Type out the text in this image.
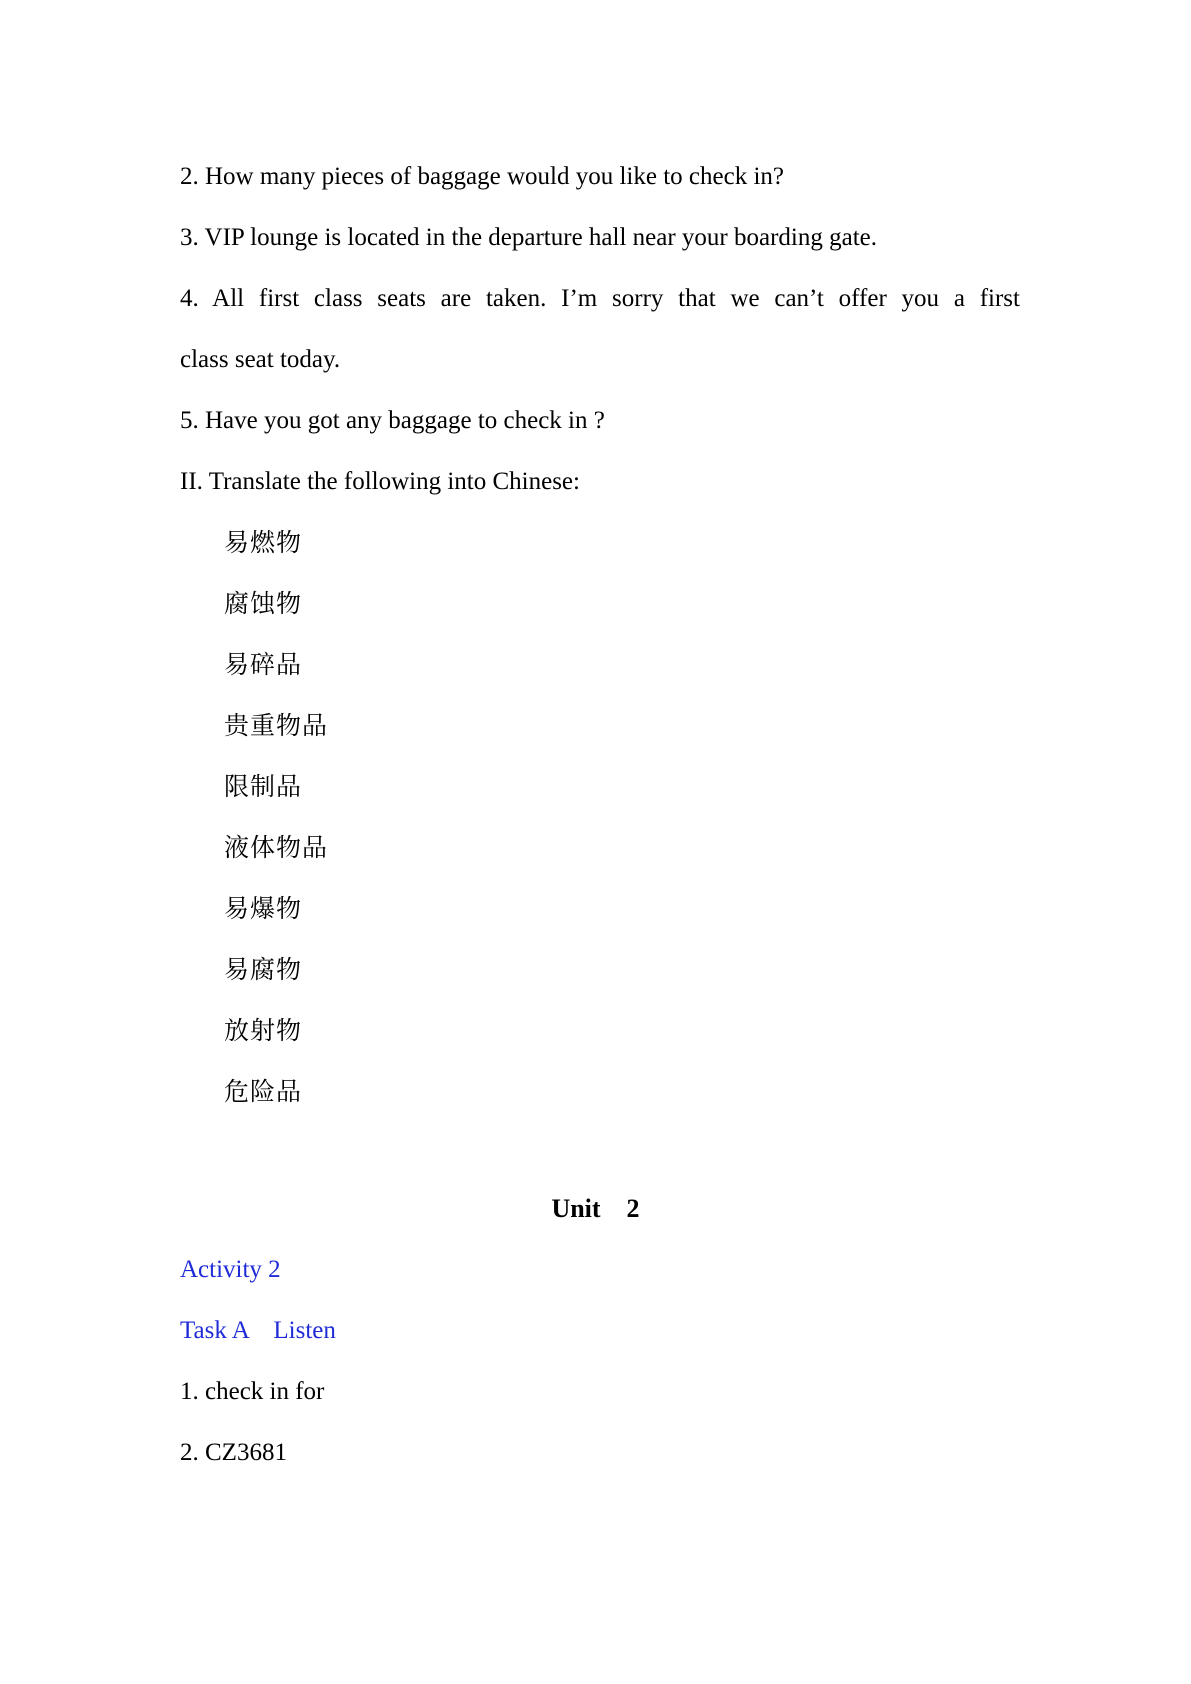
2. How many pieces of baggage would you like to check in?
3. VIP lounge is located in the departure hall near your boarding gate.
4. All first class seats are taken. I’m sorry that we can’t offer you a first
class seat today.
5. Have you got any baggage to check in ?
II. Translate the following into Chinese:
易燃物
腐蚀物
易碎品
贵重物品
限制品
液体物品
易爆物
易腐物
放射物
危险品
Unit    2
Activity 2
Task A    Listen
1. check in for
2. CZ3681
